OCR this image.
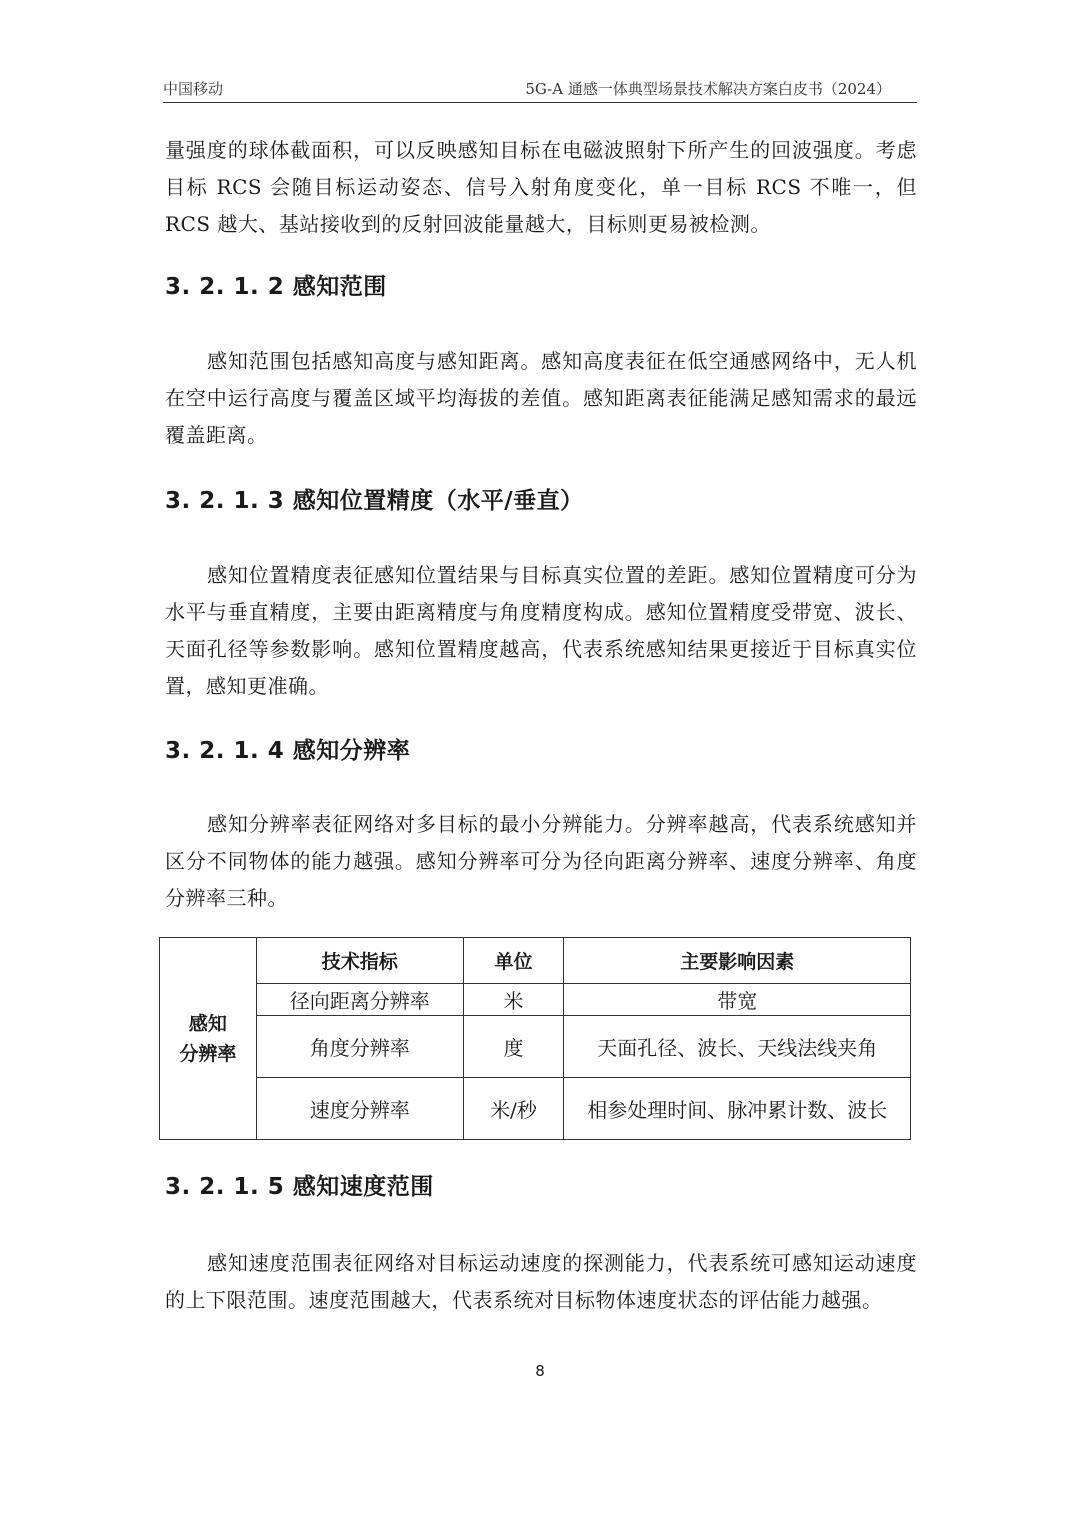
中国移动	5G-A 通感一体典型场景技术解决方案白皮书（2024）

量强度的球体截面积，可以反映感知目标在电磁波照射下所产生的回波强度。考虑目标 RCS 会随目标运动姿态、信号入射角度变化，单一目标 RCS 不唯一，但 RCS 越大、基站接收到的反射回波能量越大，目标则更易被检测。

3. 2. 1. 2 感知范围

感知范围包括感知高度与感知距离。感知高度表征在低空通感网络中，无人机在空中运行高度与覆盖区域平均海拔的差值。感知距离表征能满足感知需求的最远覆盖距离。

3. 2. 1. 3 感知位置精度（水平/垂直）

感知位置精度表征感知位置结果与目标真实位置的差距。感知位置精度可分为水平与垂直精度，主要由距离精度与角度精度构成。感知位置精度受带宽、波长、天面孔径等参数影响。感知位置精度越高，代表系统感知结果更接近于目标真实位置，感知更准确。

3. 2. 1. 4 感知分辨率

感知分辨率表征网络对多目标的最小分辨能力。分辨率越高，代表系统感知并区分不同物体的能力越强。感知分辨率可分为径向距离分辨率、速度分辨率、角度分辨率三种。

感知
分辨率	技术指标	单位	主要影响因素
	径向距离分辨率	米	带宽
	角度分辨率	度	天面孔径、波长、天线法线夹角
	速度分辨率	米/秒	相参处理时间、脉冲累计数、波长
3. 2. 1. 5 感知速度范围

感知速度范围表征网络对目标运动速度的探测能力，代表系统可感知运动速度的上下限范围。速度范围越大，代表系统对目标物体速度状态的评估能力越强。

8
